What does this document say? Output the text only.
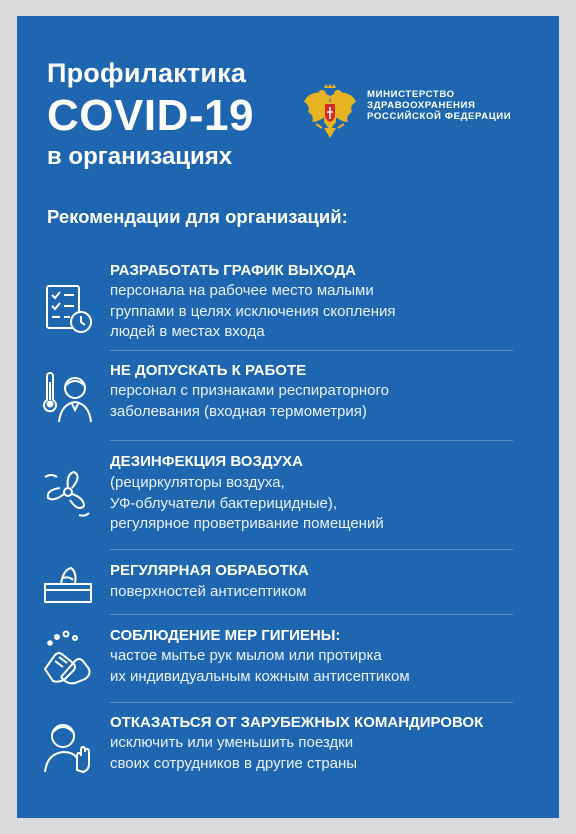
Профилактика
COVID-19
в организациях
МИНИСТЕРСТВО
ЗДРАВООХРАНЕНИЯ
РОССИЙСКОЙ ФЕДЕРАЦИИ
Рекомендации для организаций:
РАЗРАБОТАТЬ ГРАФИК ВЫХОДА
персонала на рабочее место малыми
группами в целях исключения скопления
людей в местах входа
НЕ ДОПУСКАТЬ К РАБОТЕ
персонал с признаками респираторного
заболевания (входная термометрия)
ДЕЗИНФЕКЦИЯ ВОЗДУХА
(рециркуляторы воздуха,
УФ-облучатели бактерицидные),
регулярное проветривание помещений
РЕГУЛЯРНАЯ ОБРАБОТКА
поверхностей антисептиком
СОБЛЮДЕНИЕ МЕР ГИГИЕНЫ:
частое мытье рук мылом или протирка
их индивидуальным кожным антисептиком
ОТКАЗАТЬСЯ ОТ ЗАРУБЕЖНЫХ КОМАНДИРОВОК
исключить или уменьшить поездки
своих сотрудников в другие страны
